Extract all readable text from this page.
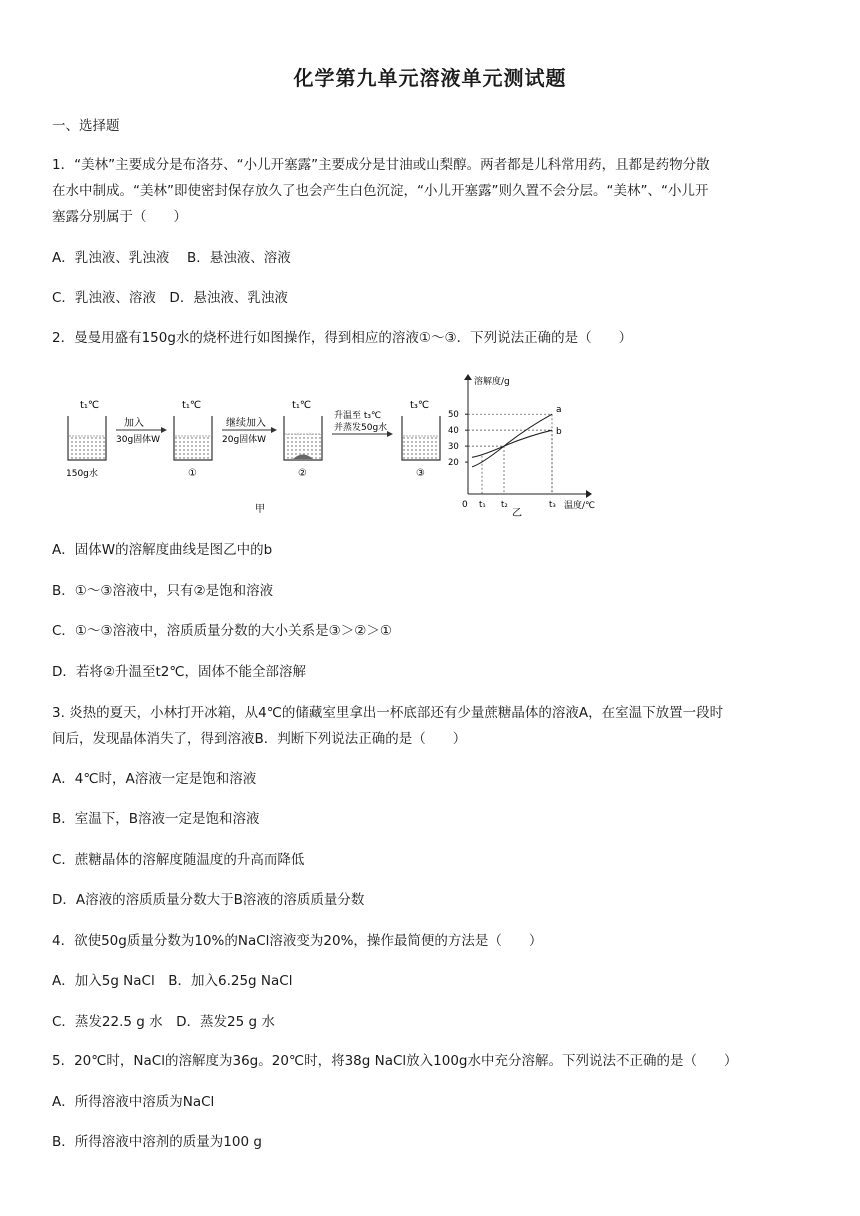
化学第九单元溶液单元测试题
一、选择题
1．“美林”主要成分是布洛芬、“小儿开塞露”主要成分是甘油或山梨醇。两者都是儿科常用药，且都是药物分散
在水中制成。“美林”即使密封保存放久了也会产生白色沉淀，“小儿开塞露”则久置不会分层。“美林”、“小儿开
塞露分别属于（　　）
A．乳浊液、乳浊液　 B．悬浊液、溶液
C．乳浊液、溶液　D．悬浊液、乳浊液
2．曼曼用盛有150g水的烧杯进行如图操作，得到相应的溶液①～③．下列说法正确的是（　　）
t₁℃
150g水
加入
30g固体W
t₁℃
①
继续加入
20g固体W
t₁℃
②
升温至 t₃℃
并蒸发50g水
t₃℃
③
甲
溶解度/g
温度/℃
0
20
30
40
50
t₁ t₂	t₃
a
b
乙
A．固体W的溶解度曲线是图乙中的b
B．①～③溶液中，只有②是饱和溶液
C．①～③溶液中，溶质质量分数的大小关系是③＞②＞①
D．若将②升温至t2℃，固体不能全部溶解
3. 炎热的夏天，小林打开冰箱，从4℃的储藏室里拿出一杯底部还有少量蔗糖晶体的溶液A，在室温下放置一段时
间后，发现晶体消失了，得到溶液B．判断下列说法正确的是（　　）
A．4℃时，A溶液一定是饱和溶液
B．室温下，B溶液一定是饱和溶液
C．蔗糖晶体的溶解度随温度的升高而降低
D．A溶液的溶质质量分数大于B溶液的溶质质量分数
4．欲使50g质量分数为10%的NaCl溶液变为20%，操作最简便的方法是（　　）
A．加入5g NaCl　B．加入6.25g NaCl
C．蒸发22.5 g 水　D．蒸发25 g 水
5．20℃时，NaCl的溶解度为36g。20℃时，将38g NaCl放入100g水中充分溶解。下列说法不正确的是（　　）
A．所得溶液中溶质为NaCl
B．所得溶液中溶剂的质量为100 g
